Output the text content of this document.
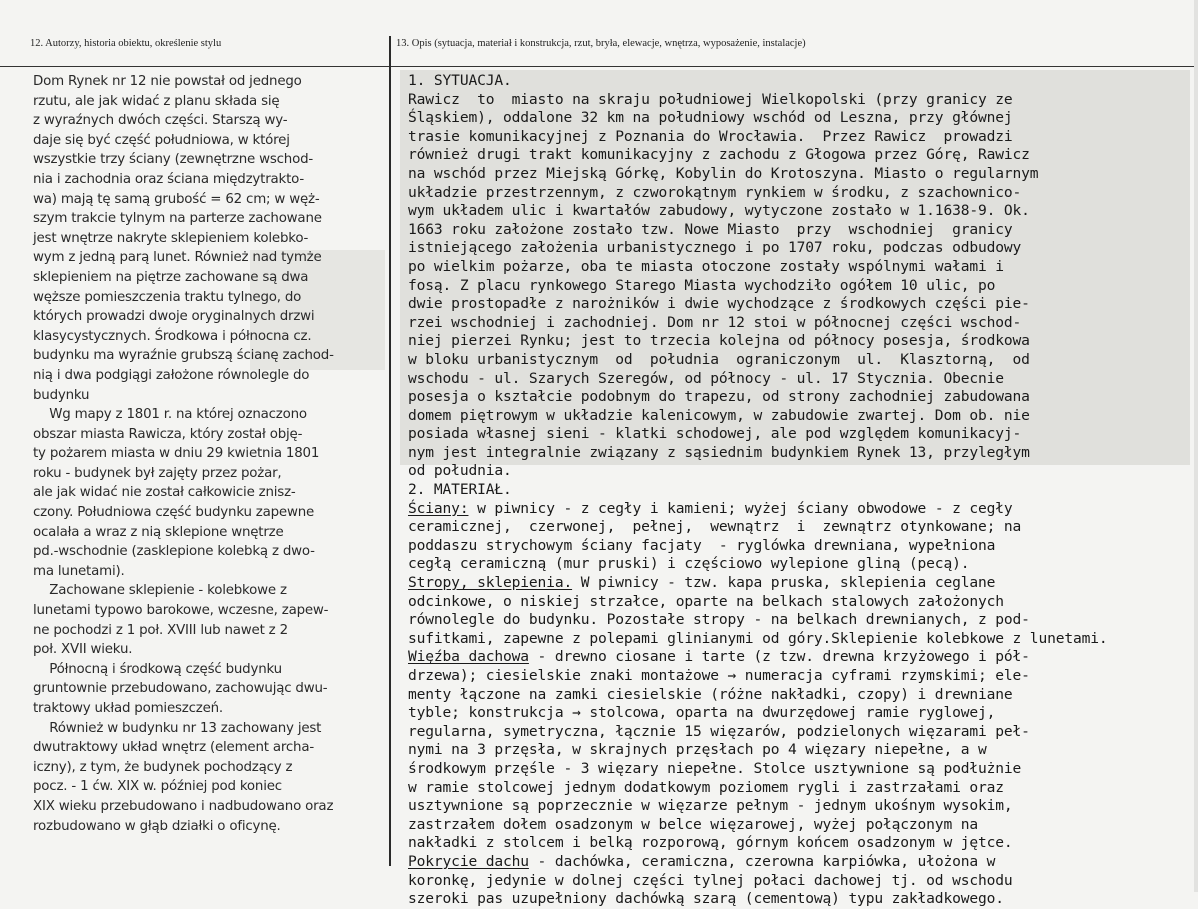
12. Autorzy, historia obiektu, określenie stylu	13. Opis (sytuacja, materiał i konstrukcja, rzut, bryła, elewacje, wnętrza, wyposażenie, instalacje)
Dom Rynek nr 12 nie powstał od jednego
rzutu, ale jak widać z planu składa się
z wyraźnych dwóch części. Starszą wy-
daje się być część południowa, w której
wszystkie trzy ściany (zewnętrzne wschod-
nia i zachodnia oraz ściana międzytrakto-
wa) mają tę samą grubość = 62 cm; w węż-
szym trakcie tylnym na parterze zachowane
jest wnętrze nakryte sklepieniem kolebko-
wym z jedną parą lunet. Również nad tymże
sklepieniem na piętrze zachowane są dwa
węższe pomieszczenia traktu tylnego, do
których prowadzi dwoje oryginalnych drzwi
klasycystycznych. Środkowa i północna cz.
budynku ma wyraźnie grubszą ścianę zachod-
nią i dwa podgiągi założone równolegle do
budynku
Wg mapy z 1801 r. na której oznaczono
obszar miasta Rawicza, który został obję-
ty pożarem miasta w dniu 29 kwietnia 1801
roku - budynek był zajęty przez pożar,
ale jak widać nie został całkowicie znisz-
czony. Południowa część budynku zapewne
ocalała a wraz z nią sklepione wnętrze
pd.-wschodnie (zasklepione kolebką z dwo-
ma lunetami).
Zachowane sklepienie - kolebkowe z
lunetami typowo barokowe, wczesne, zapew-
ne pochodzi z 1 poł. XVIII lub nawet z 2
poł. XVII wieku.
Północną i środkową część budynku
gruntownie przebudowano, zachowując dwu-
traktowy układ pomieszczeń.
Również w budynku nr 13 zachowany jest
dwutraktowy układ wnętrz (element archa-
iczny), z tym, że budynek pochodzący z
pocz. - 1 ćw. XIX w. później pod koniec
XIX wieku przebudowano i nadbudowano oraz
rozbudowano w głąb działki o oficynę.
1. SYTUACJA.
Rawicz  to  miasto na skraju południowej Wielkopolski (przy granicy ze
Śląskiem), oddalone 32 km na południowy wschód od Leszna, przy głównej
trasie komunikacyjnej z Poznania do Wrocławia.  Przez Rawicz  prowadzi
również drugi trakt komunikacyjny z zachodu z Głogowa przez Górę, Rawicz
na wschód przez Miejską Górkę, Kobylin do Krotoszyna. Miasto o regularnym
układzie przestrzennym, z czworokątnym rynkiem w środku, z szachownico-
wym układem ulic i kwartałów zabudowy, wytyczone zostało w 1.1638-9. Ok.
1663 roku założone zostało tzw. Nowe Miasto  przy  wschodniej  granicy
istniejącego założenia urbanistycznego i po 1707 roku, podczas odbudowy
po wielkim pożarze, oba te miasta otoczone zostały wspólnymi wałami i
fosą. Z placu rynkowego Starego Miasta wychodziło ogółem 10 ulic, po
dwie prostopadłe z narożników i dwie wychodzące z środkowych części pie-
rzei wschodniej i zachodniej. Dom nr 12 stoi w północnej części wschod-
niej pierzei Rynku; jest to trzecia kolejna od północy posesja, środkowa
w bloku urbanistycznym  od  południa  ograniczonym  ul.  Klasztorną,  od
wschodu - ul. Szarych Szeregów, od północy - ul. 17 Stycznia. Obecnie
posesja o kształcie podobnym do trapezu, od strony zachodniej zabudowana
domem piętrowym w układzie kalenicowym, w zabudowie zwartej. Dom ob. nie
posiada własnej sieni - klatki schodowej, ale pod względem komunikacyj-
nym jest integralnie związany z sąsiednim budynkiem Rynek 13, przyległym
od południa.
2. MATERIAŁ.
Ściany: w piwnicy - z cegły i kamieni; wyżej ściany obwodowe - z cegły
ceramicznej,  czerwonej,  pełnej,  wewnątrz  i  zewnątrz otynkowane; na
poddaszu strychowym ściany facjaty  - ryglówka drewniana, wypełniona
cegłą ceramiczną (mur pruski) i częściowo wylepione gliną (pecą).
Stropy, sklepienia. W piwnicy - tzw. kapa pruska, sklepienia ceglane
odcinkowe, o niskiej strzałce, oparte na belkach stalowych założonych
równolegle do budynku. Pozostałe stropy - na belkach drewnianych, z pod-
sufitkami, zapewne z polepami glinianymi od góry.Sklepienie kolebkowe z lunetami.
Więźba dachowa - drewno ciosane i tarte (z tzw. drewna krzyżowego i pół-
drzewa); ciesielskie znaki montażowe → numeracja cyframi rzymskimi; ele-
menty łączone na zamki ciesielskie (różne nakładki, czopy) i drewniane
tyble; konstrukcja → stolcowa, oparta na dwurzędowej ramie ryglowej,
regularna, symetryczna, łącznie 15 więzarów, podzielonych więzarami peł-
nymi na 3 przęsła, w skrajnych przęsłach po 4 więzary niepełne, a w
środkowym przęśle - 3 więzary niepełne. Stolce usztywnione są podłużnie
w ramie stolcowej jednym dodatkowym poziomem rygli i zastrzałami oraz
usztywnione są poprzecznie w więzarze pełnym - jednym ukośnym wysokim,
zastrzałem dołem osadzonym w belce więzarowej, wyżej połączonym na
nakładki z stolcem i belką rozporową, górnym końcem osadzonym w jętce.
Pokrycie dachu - dachówka, ceramiczna, czerowna karpiówka, ułożona w
koronkę, jedynie w dolnej części tylnej połaci dachowej tj. od wschodu
szeroki pas uzupełniony dachówką szarą (cementową) typu zakładkowego.
